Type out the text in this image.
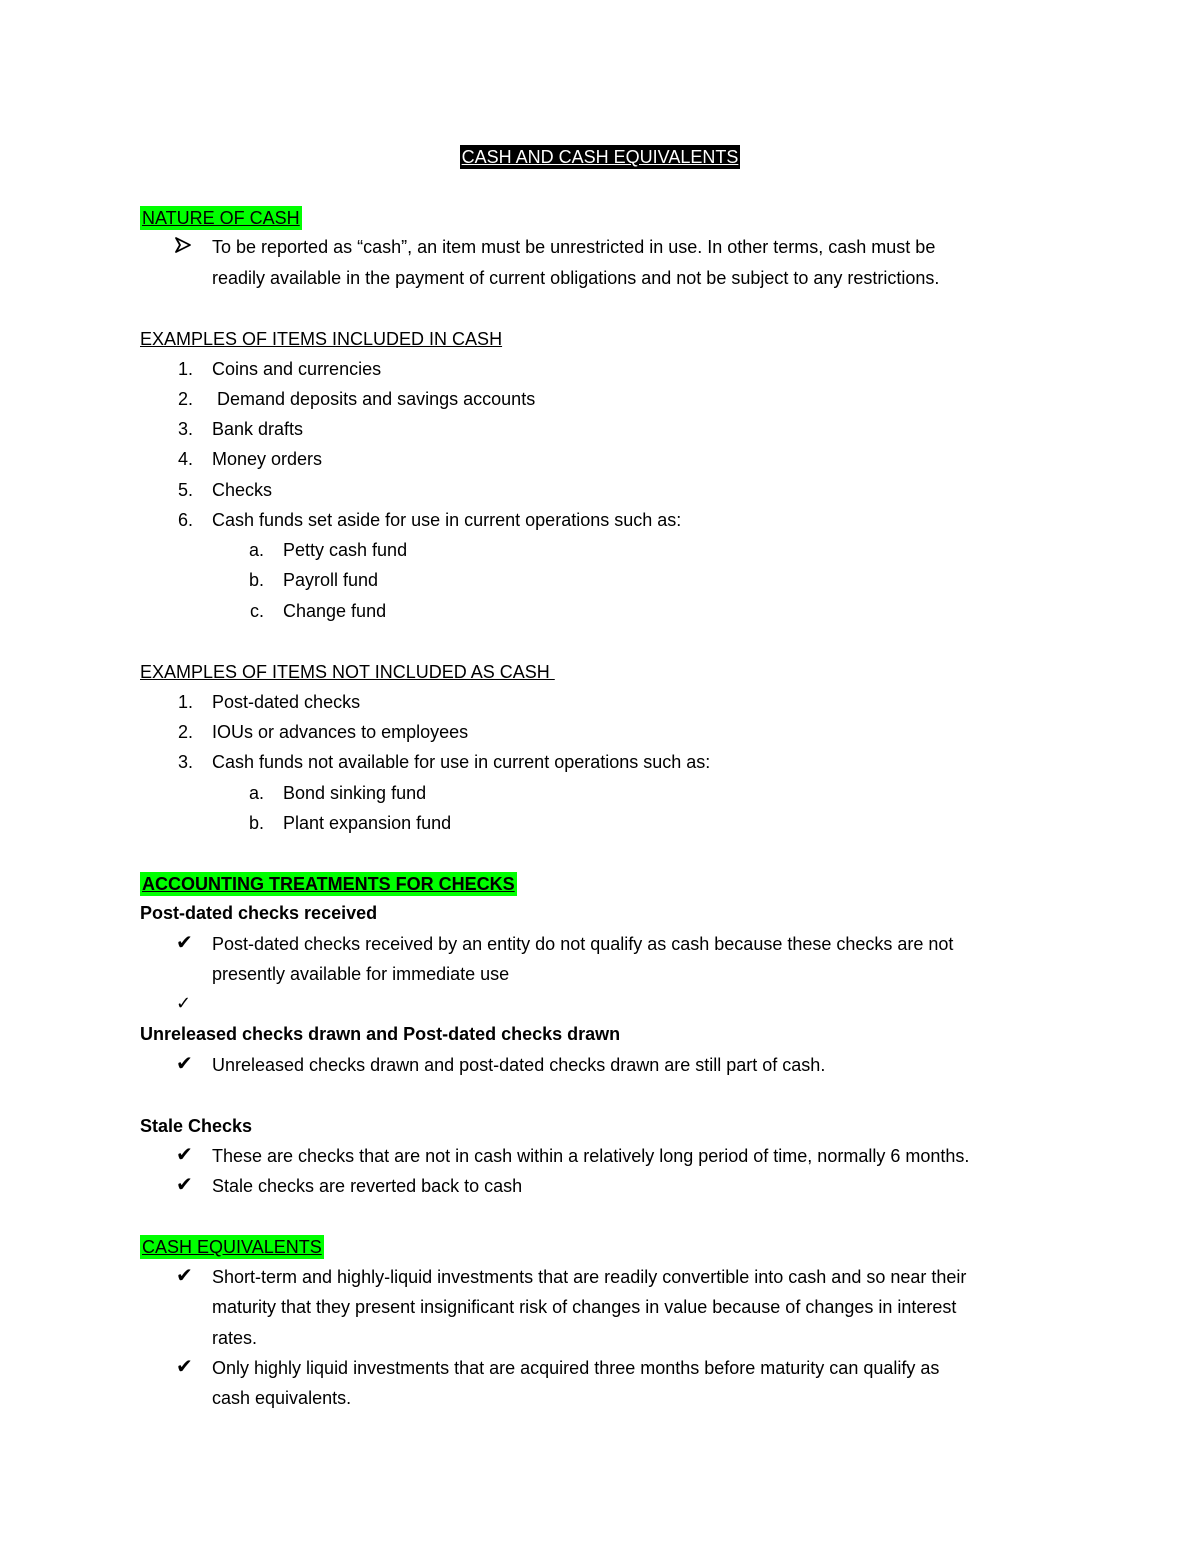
CASH AND CASH EQUIVALENTS
NATURE OF CASH
To be reported as “cash”, an item must be unrestricted in use. In other terms, cash must be
readily available in the payment of current obligations and not be subject to any restrictions.
EXAMPLES OF ITEMS INCLUDED IN CASH
1. Coins and currencies
2. Demand deposits and savings accounts
3. Bank drafts
4. Money orders
5. Checks
6. Cash funds set aside for use in current operations such as:
a. Petty cash fund
b. Payroll fund
c. Change fund
EXAMPLES OF ITEMS NOT INCLUDED AS CASH
1. Post-dated checks
2. IOUs or advances to employees
3. Cash funds not available for use in current operations such as:
a. Bond sinking fund
b. Plant expansion fund
ACCOUNTING TREATMENTS FOR CHECKS
Post-dated checks received
✔ Post-dated checks received by an entity do not qualify as cash because these checks are not
presently available for immediate use
✓
Unreleased checks drawn and Post-dated checks drawn
✔ Unreleased checks drawn and post-dated checks drawn are still part of cash.
Stale Checks
✔ These are checks that are not in cash within a relatively long period of time, normally 6 months.
✔ Stale checks are reverted back to cash
CASH EQUIVALENTS
✔ Short-term and highly-liquid investments that are readily convertible into cash and so near their
maturity that they present insignificant risk of changes in value because of changes in interest
rates.
✔ Only highly liquid investments that are acquired three months before maturity can qualify as
cash equivalents.
